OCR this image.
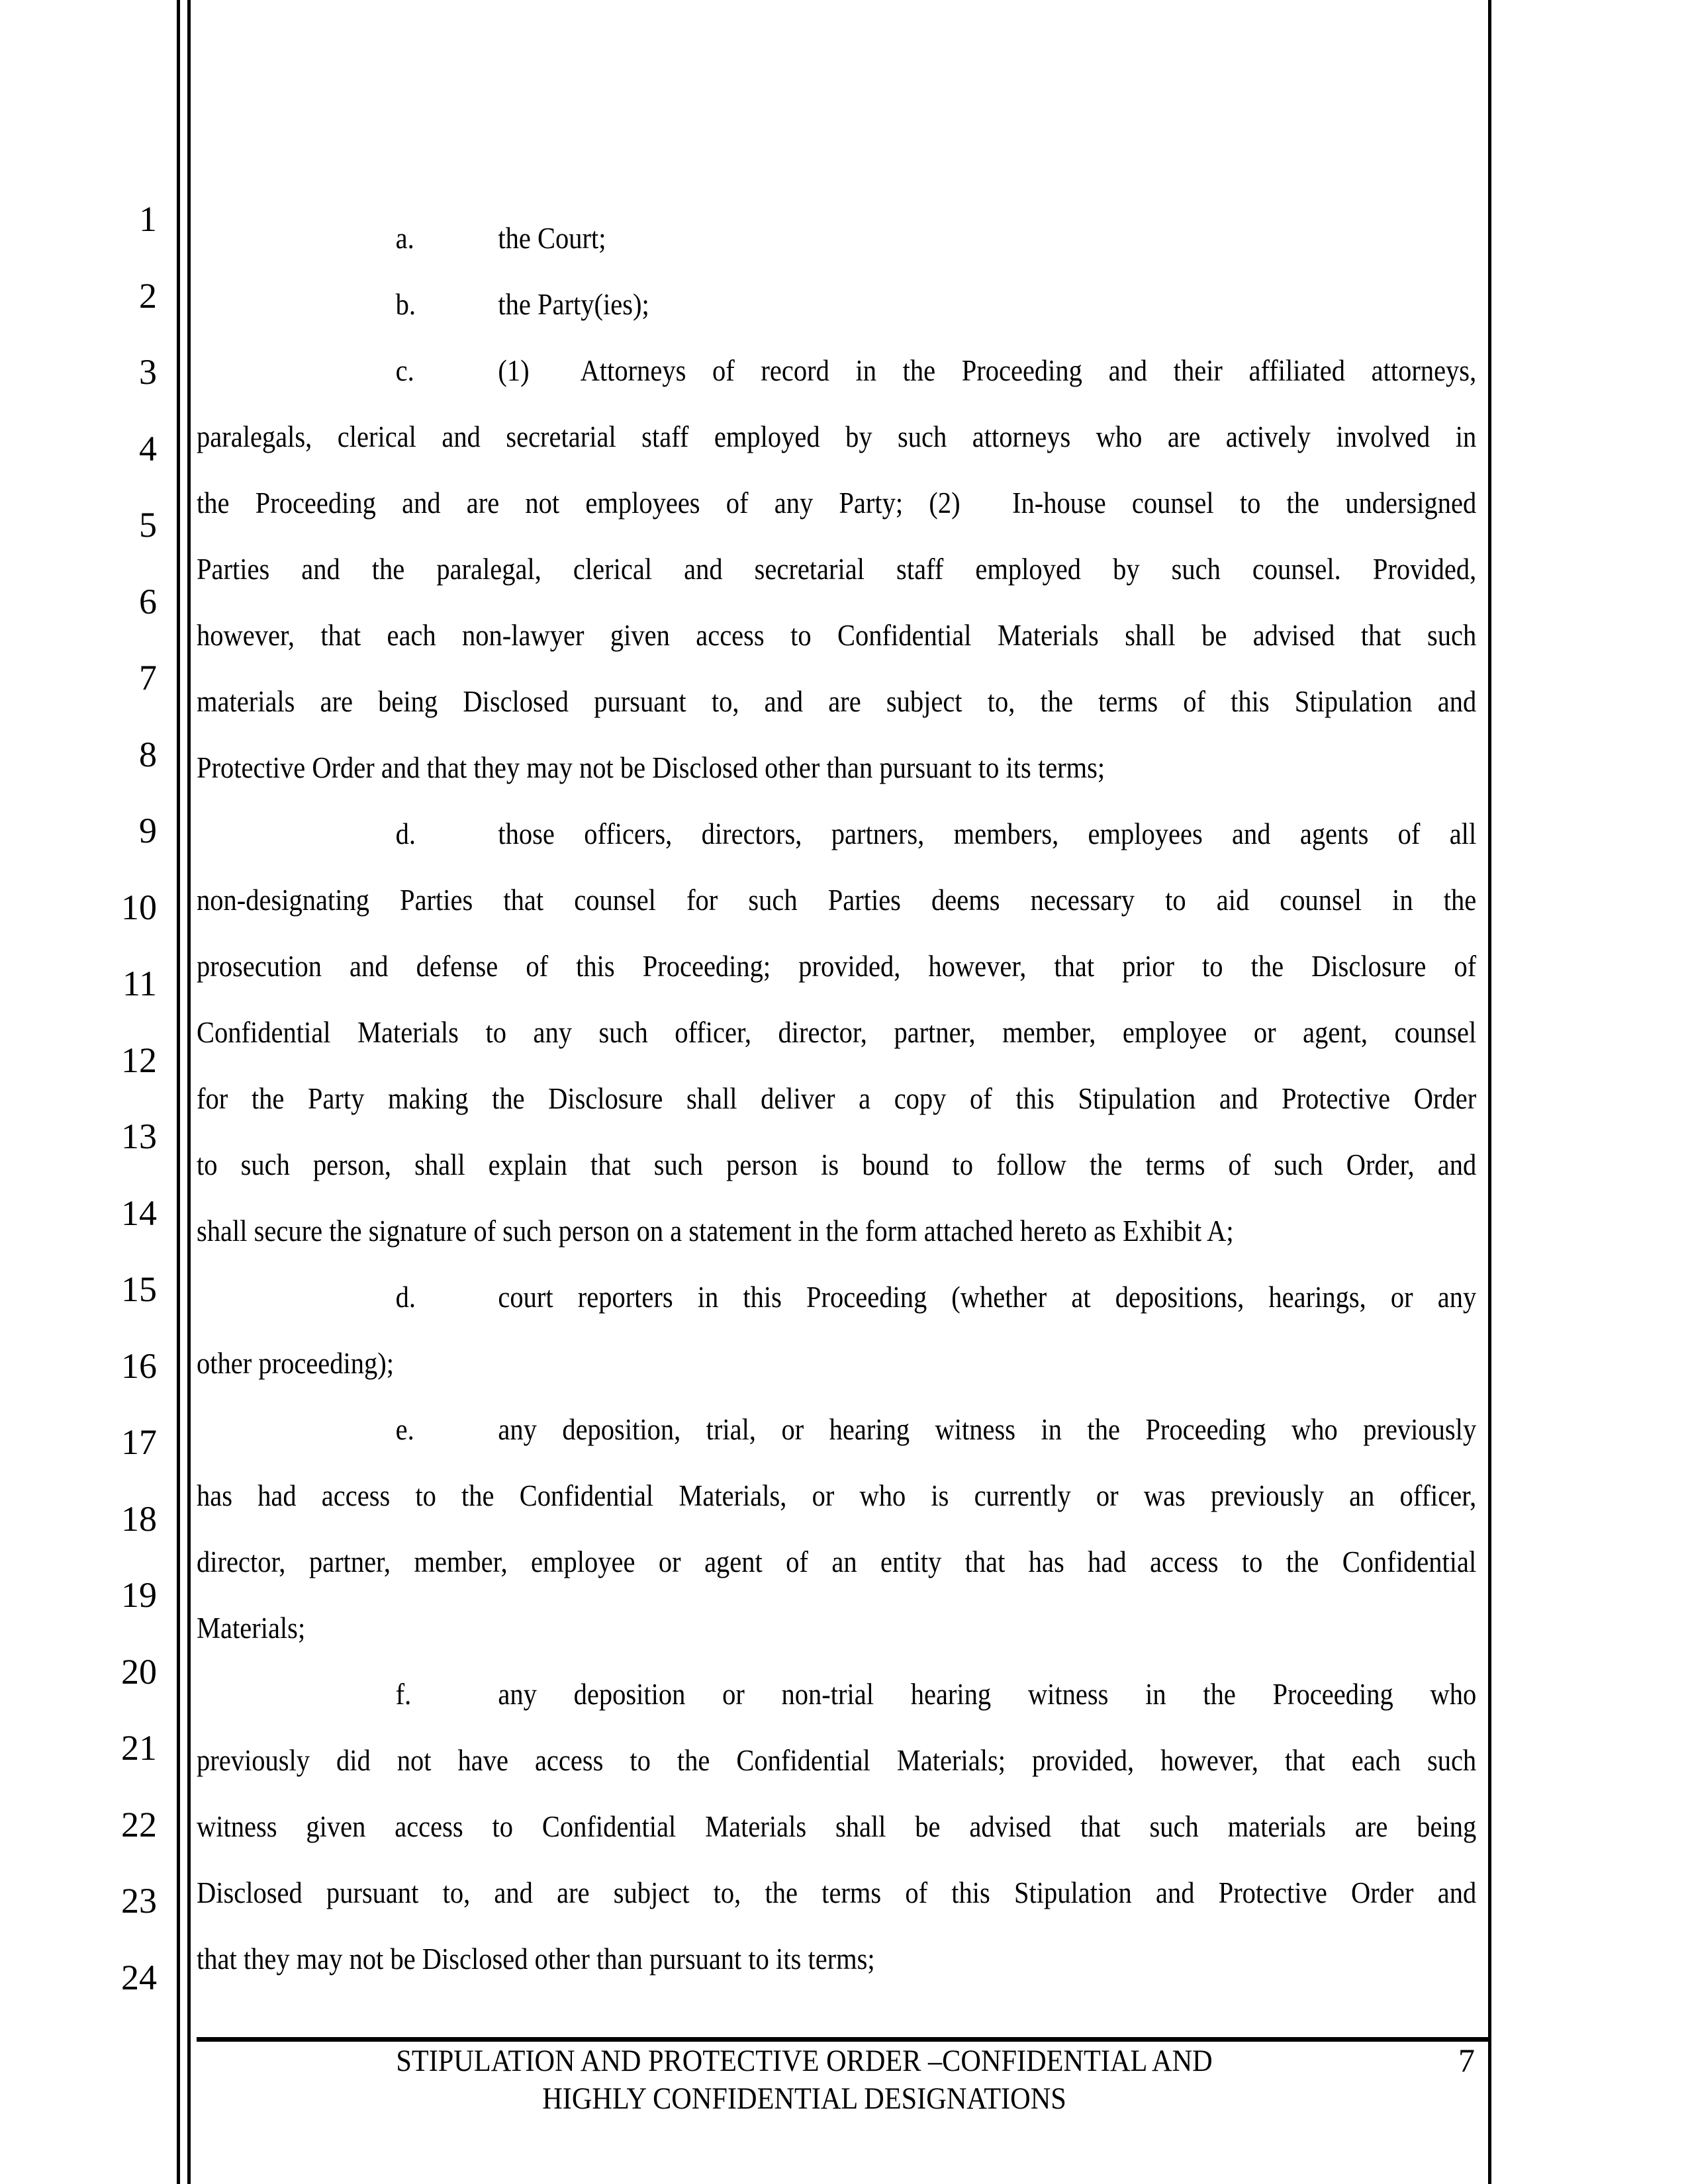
1
2
3
4
5
6
7
8
9
10
11
12
13
14
15
16
17
18
19
20
21
22
23
24
a.	the Court;
b.	the Party(ies);
c.	(1)  Attorneys of record in the Proceeding and their affiliated attorneys,
paralegals, clerical and secretarial staff employed by such attorneys who are actively involved in
the Proceeding and are not employees of any Party; (2)  In-house counsel to the undersigned
Parties and the paralegal, clerical and secretarial staff employed by such counsel. Provided,
however, that each non-lawyer given access to Confidential Materials shall be advised that such
materials are being Disclosed pursuant to, and are subject to, the terms of this Stipulation and
Protective Order and that they may not be Disclosed other than pursuant to its terms;
d.	those officers, directors, partners, members, employees and agents of all
non-designating Parties that counsel for such Parties deems necessary to aid counsel in the
prosecution and defense of this Proceeding; provided, however, that prior to the Disclosure of
Confidential Materials to any such officer, director, partner, member, employee or agent, counsel
for the Party making the Disclosure shall deliver a copy of this Stipulation and Protective Order
to such person, shall explain that such person is bound to follow the terms of such Order, and
shall secure the signature of such person on a statement in the form attached hereto as Exhibit A;
d.	court reporters in this Proceeding (whether at depositions, hearings, or any
other proceeding);
e.	any deposition, trial, or hearing witness in the Proceeding who previously
has had access to the Confidential Materials, or who is currently or was previously an officer,
director, partner, member, employee or agent of an entity that has had access to the Confidential
Materials;
f.	any deposition or non-trial hearing witness in the Proceeding who
previously did not have access to the Confidential Materials; provided, however, that each such
witness given access to Confidential Materials shall be advised that such materials are being
Disclosed pursuant to, and are subject to, the terms of this Stipulation and Protective Order and
that they may not be Disclosed other than pursuant to its terms;
STIPULATION AND PROTECTIVE ORDER –CONFIDENTIAL AND
HIGHLY CONFIDENTIAL DESIGNATIONS
7
